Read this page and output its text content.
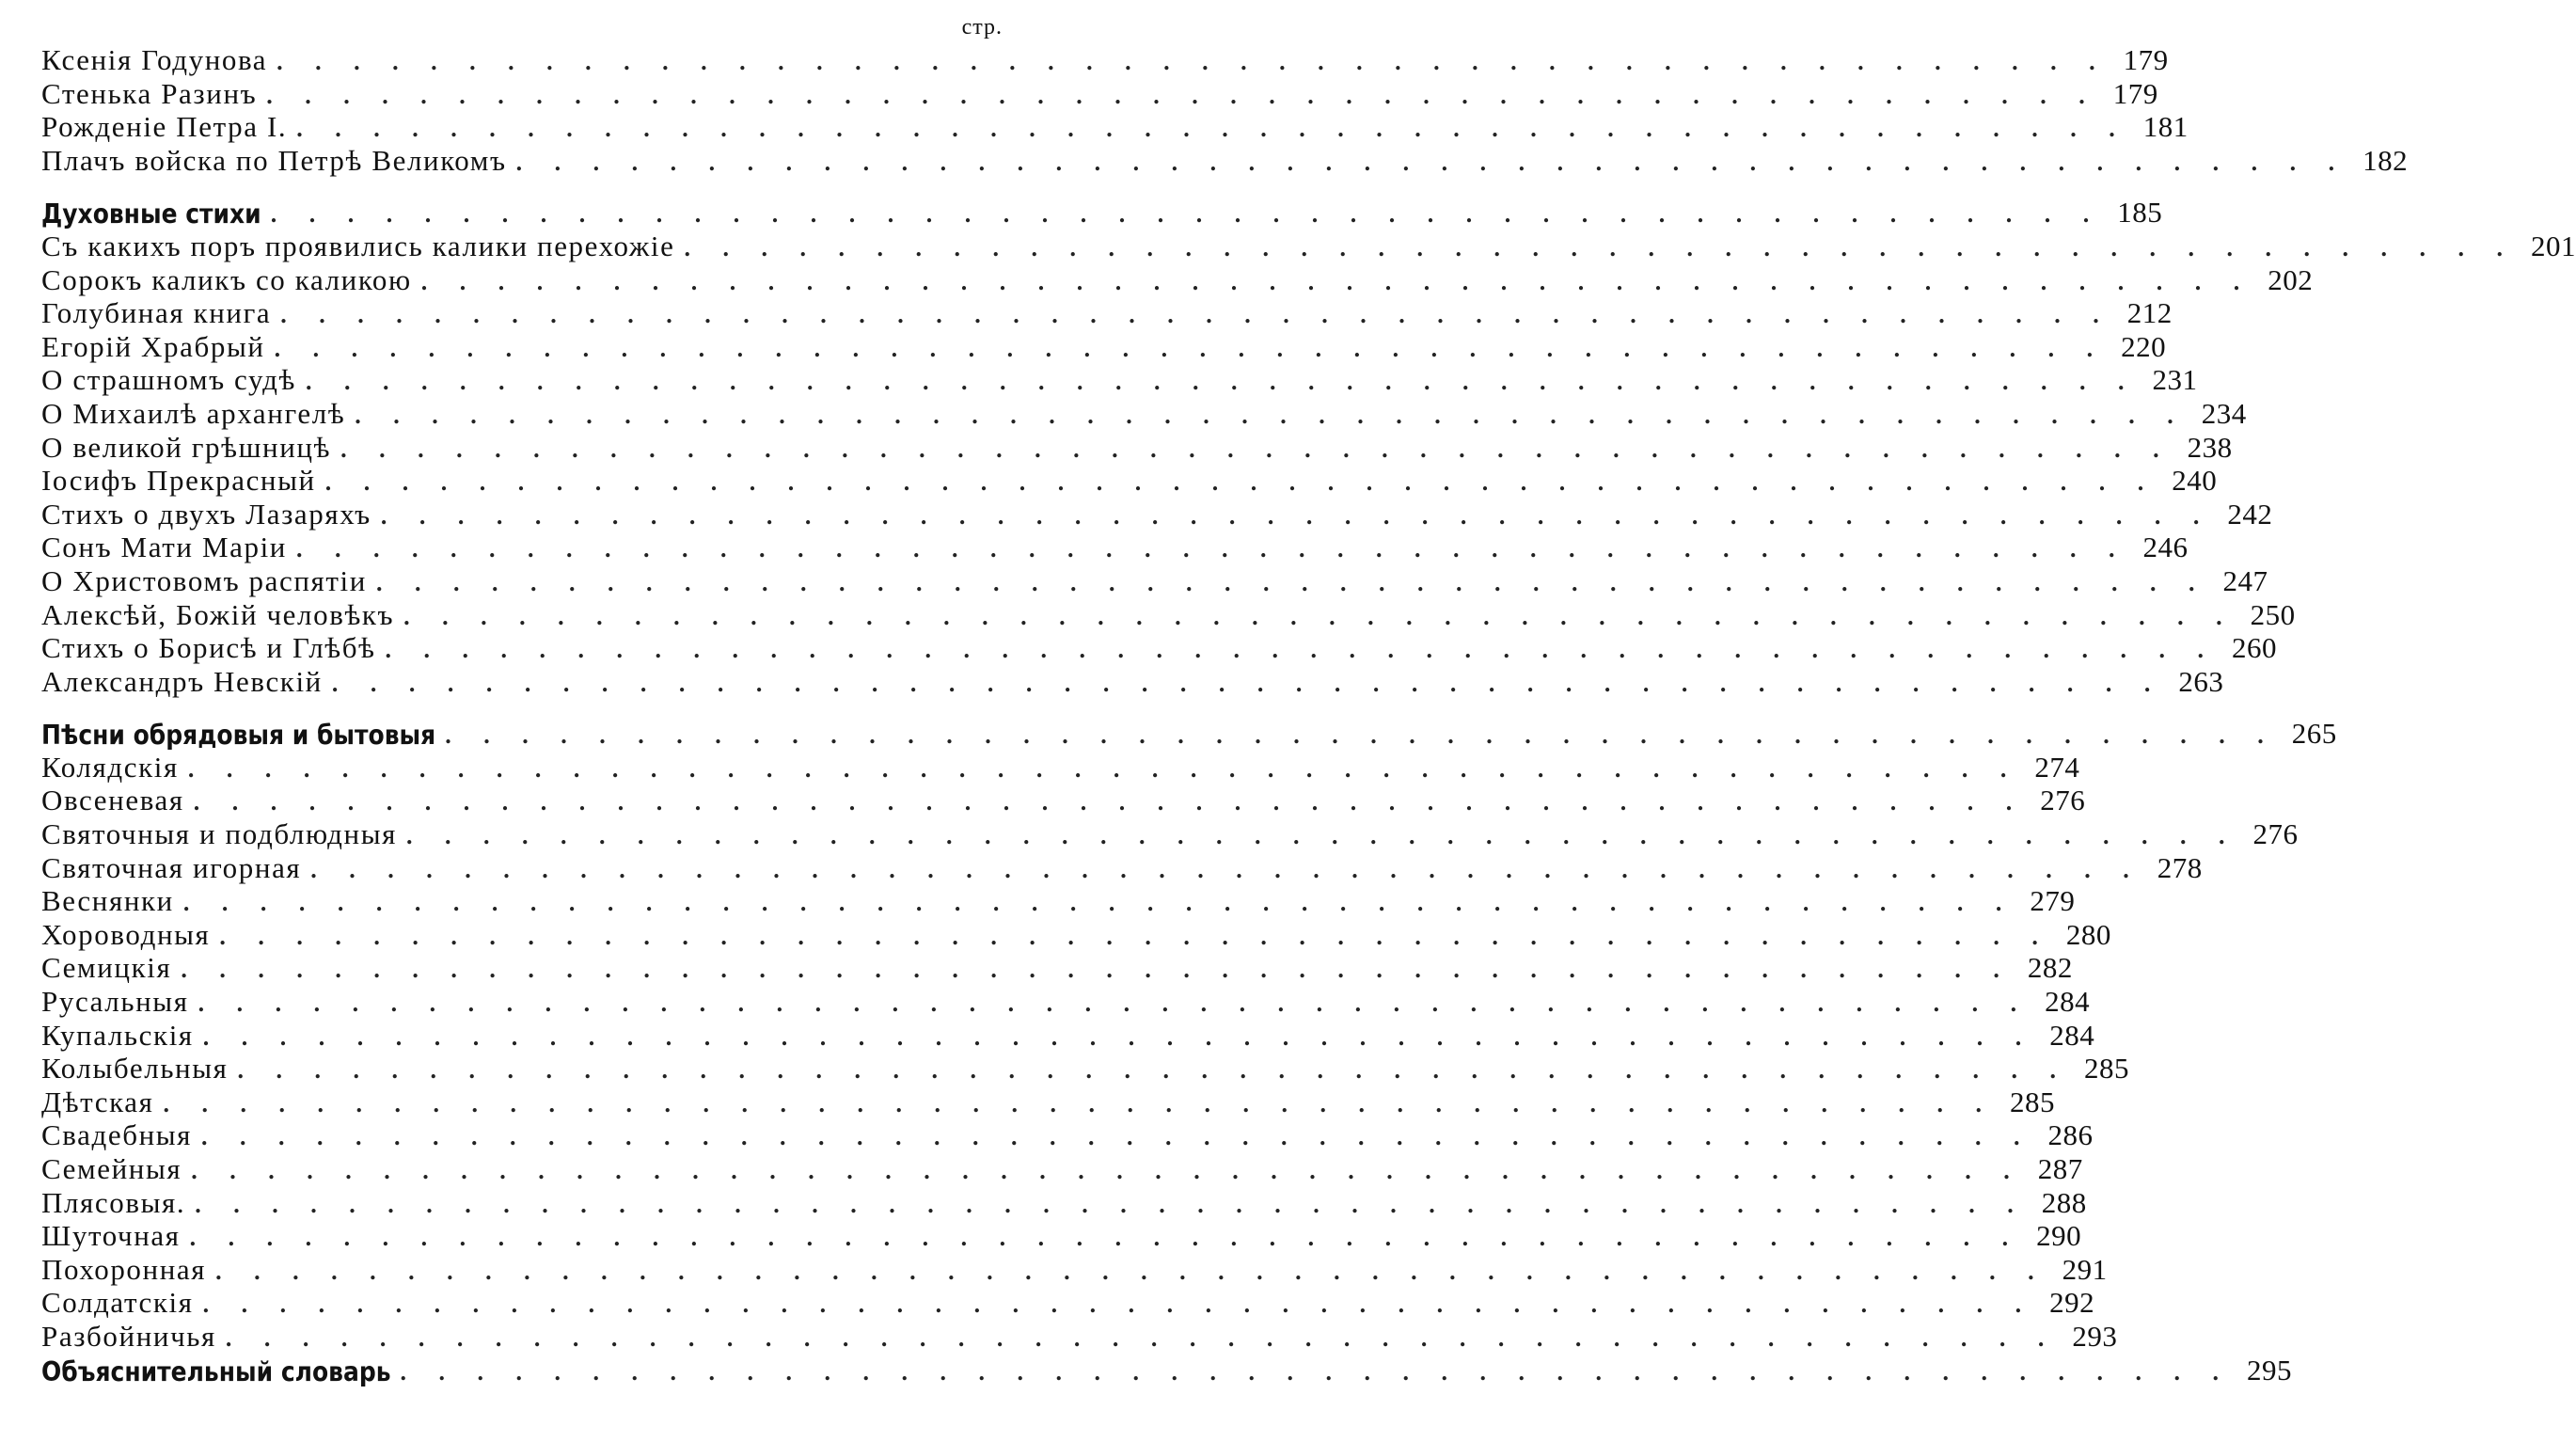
стр.
Ксенія Годунова . . . . . . . . . . . . . . . . . . . . . . . . . . . . . . . . . . . . . . . . . . . . . . . . 179
Стенька Разинъ . . . . . . . . . . . . . . . . . . . . . . . . . . . . . . . . . . . . . . . . . . . . . . . . 179
Рожденіе Петра І. . . . . . . . . . . . . . . . . . . . . . . . . . . . . . . . . . . . . . . . . . . . . . . . . 181
Плачъ войска по Петрѣ Великомъ . . . . . . . . . . . . . . . . . . . . . . . . . . . . . . . . . . . . . . . . . . . . . . . . 182
Духовные стихи . . . . . . . . . . . . . . . . . . . . . . . . . . . . . . . . . . . . . . . . . . . . . . . . 185
Съ какихъ поръ проявились калики перехожіе . . . . . . . . . . . . . . . . . . . . . . . . . . . . . . . . . . . . . . . . . . . . . . . . 201
Сорокъ каликъ со каликою . . . . . . . . . . . . . . . . . . . . . . . . . . . . . . . . . . . . . . . . . . . . . . . . 202
Голубиная книга . . . . . . . . . . . . . . . . . . . . . . . . . . . . . . . . . . . . . . . . . . . . . . . . 212
Егорій Храбрый . . . . . . . . . . . . . . . . . . . . . . . . . . . . . . . . . . . . . . . . . . . . . . . . 220
О страшномъ судѣ . . . . . . . . . . . . . . . . . . . . . . . . . . . . . . . . . . . . . . . . . . . . . . . . 231
О Михаилѣ архангелѣ . . . . . . . . . . . . . . . . . . . . . . . . . . . . . . . . . . . . . . . . . . . . . . . . 234
О великой грѣшницѣ . . . . . . . . . . . . . . . . . . . . . . . . . . . . . . . . . . . . . . . . . . . . . . . . 238
Іосифъ Прекрасный . . . . . . . . . . . . . . . . . . . . . . . . . . . . . . . . . . . . . . . . . . . . . . . . 240
Стихъ о двухъ Лазаряхъ . . . . . . . . . . . . . . . . . . . . . . . . . . . . . . . . . . . . . . . . . . . . . . . . 242
Сонъ Мати Маріи . . . . . . . . . . . . . . . . . . . . . . . . . . . . . . . . . . . . . . . . . . . . . . . . 246
О Христовомъ распятіи . . . . . . . . . . . . . . . . . . . . . . . . . . . . . . . . . . . . . . . . . . . . . . . . 247
Алексѣй, Божій человѣкъ . . . . . . . . . . . . . . . . . . . . . . . . . . . . . . . . . . . . . . . . . . . . . . . . 250
Стихъ о Борисѣ и Глѣбѣ . . . . . . . . . . . . . . . . . . . . . . . . . . . . . . . . . . . . . . . . . . . . . . . . 260
Александръ Невскій . . . . . . . . . . . . . . . . . . . . . . . . . . . . . . . . . . . . . . . . . . . . . . . . 263
Пѣсни обрядовыя и бытовыя . . . . . . . . . . . . . . . . . . . . . . . . . . . . . . . . . . . . . . . . . . . . . . . . 265
Колядскія . . . . . . . . . . . . . . . . . . . . . . . . . . . . . . . . . . . . . . . . . . . . . . . . 274
Овсеневая . . . . . . . . . . . . . . . . . . . . . . . . . . . . . . . . . . . . . . . . . . . . . . . . 276
Святочныя и подблюдныя . . . . . . . . . . . . . . . . . . . . . . . . . . . . . . . . . . . . . . . . . . . . . . . . 276
Святочная игорная . . . . . . . . . . . . . . . . . . . . . . . . . . . . . . . . . . . . . . . . . . . . . . . . 278
Веснянки . . . . . . . . . . . . . . . . . . . . . . . . . . . . . . . . . . . . . . . . . . . . . . . . 279
Хороводныя . . . . . . . . . . . . . . . . . . . . . . . . . . . . . . . . . . . . . . . . . . . . . . . . 280
Семицкія . . . . . . . . . . . . . . . . . . . . . . . . . . . . . . . . . . . . . . . . . . . . . . . . 282
Русальныя . . . . . . . . . . . . . . . . . . . . . . . . . . . . . . . . . . . . . . . . . . . . . . . . 284
Купальскія . . . . . . . . . . . . . . . . . . . . . . . . . . . . . . . . . . . . . . . . . . . . . . . . 284
Колыбельныя . . . . . . . . . . . . . . . . . . . . . . . . . . . . . . . . . . . . . . . . . . . . . . . . 285
Дѣтская . . . . . . . . . . . . . . . . . . . . . . . . . . . . . . . . . . . . . . . . . . . . . . . . 285
Свадебныя . . . . . . . . . . . . . . . . . . . . . . . . . . . . . . . . . . . . . . . . . . . . . . . . 286
Семейныя . . . . . . . . . . . . . . . . . . . . . . . . . . . . . . . . . . . . . . . . . . . . . . . . 287
Плясовыя. . . . . . . . . . . . . . . . . . . . . . . . . . . . . . . . . . . . . . . . . . . . . . . . . 288
Шуточная . . . . . . . . . . . . . . . . . . . . . . . . . . . . . . . . . . . . . . . . . . . . . . . . 290
Похоронная . . . . . . . . . . . . . . . . . . . . . . . . . . . . . . . . . . . . . . . . . . . . . . . . 291
Солдатскія . . . . . . . . . . . . . . . . . . . . . . . . . . . . . . . . . . . . . . . . . . . . . . . . 292
Разбойничья . . . . . . . . . . . . . . . . . . . . . . . . . . . . . . . . . . . . . . . . . . . . . . . . 293
Объяснительный словарь . . . . . . . . . . . . . . . . . . . . . . . . . . . . . . . . . . . . . . . . . . . . . . . . 295
